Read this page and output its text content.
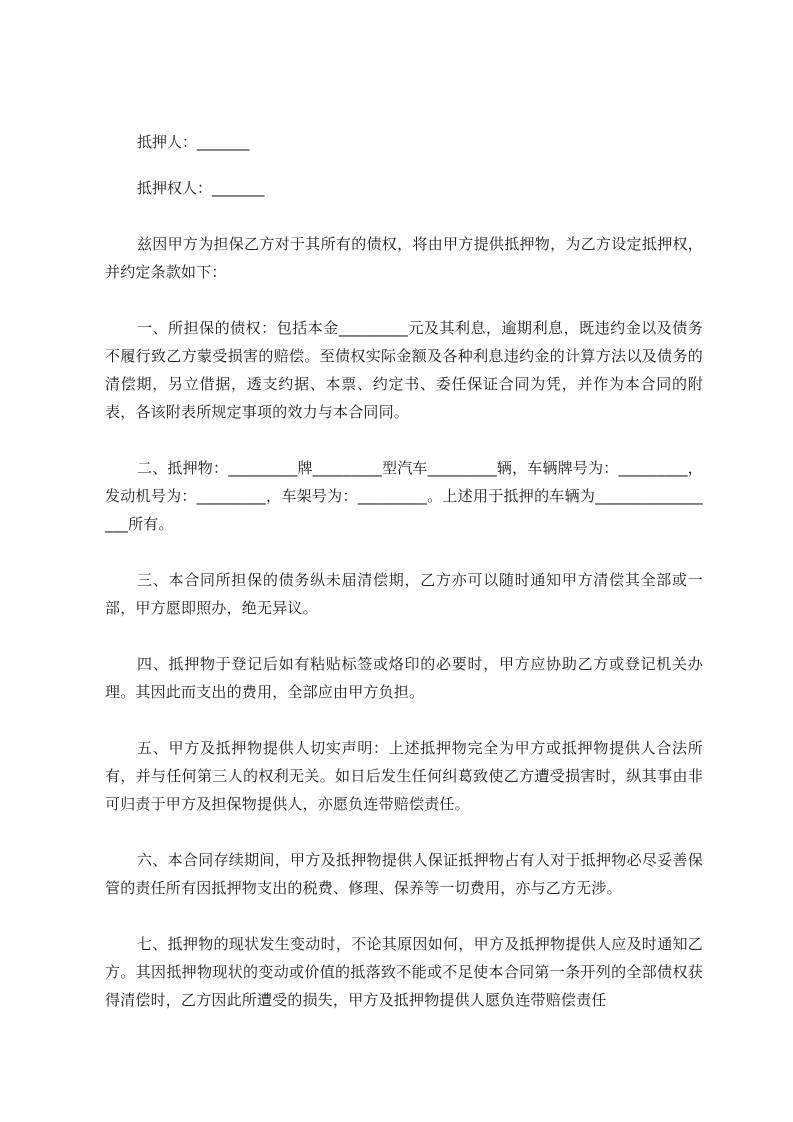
抵押人：_______

抵押权人：_______

兹因甲方为担保乙方对于其所有的债权，将由甲方提供抵押物，为乙方设定抵押权，并约定条款如下：

一、所担保的债权：包括本金_________元及其利息，逾期利息，既违约金以及债务不履行致乙方蒙受损害的赔偿。至债权实际金额及各种利息违约金的计算方法以及债务的清偿期，另立借据，透支约据、本票、约定书、委任保证合同为凭，并作为本合同的附表，各该附表所规定事项的效力与本合同同。

二、抵押物：_________牌_________型汽车_________辆，车辆牌号为：_________，发动机号为：_________，车架号为：_________。上述用于抵押的车辆为_________________所有。

三、本合同所担保的债务纵未届清偿期，乙方亦可以随时通知甲方清偿其全部或一部，甲方愿即照办，绝无异议。

四、抵押物于登记后如有粘贴标签或烙印的必要时，甲方应协助乙方或登记机关办理。其因此而支出的费用，全部应由甲方负担。

五、甲方及抵押物提供人切实声明：上述抵押物完全为甲方或抵押物提供人合法所有，并与任何第三人的权利无关。如日后发生任何纠葛致使乙方遭受损害时，纵其事由非可归责于甲方及担保物提供人，亦愿负连带赔偿责任。

六、本合同存续期间，甲方及抵押物提供人保证抵押物占有人对于抵押物必尽妥善保管的责任所有因抵押物支出的税费、修理、保养等一切费用，亦与乙方无涉。

七、抵押物的现状发生变动时，不论其原因如何，甲方及抵押物提供人应及时通知乙方。其因抵押物现状的变动或价值的抵落致不能或不足使本合同第一条开列的全部债权获得清偿时，乙方因此所遭受的损失，甲方及抵押物提供人愿负连带赔偿责任
